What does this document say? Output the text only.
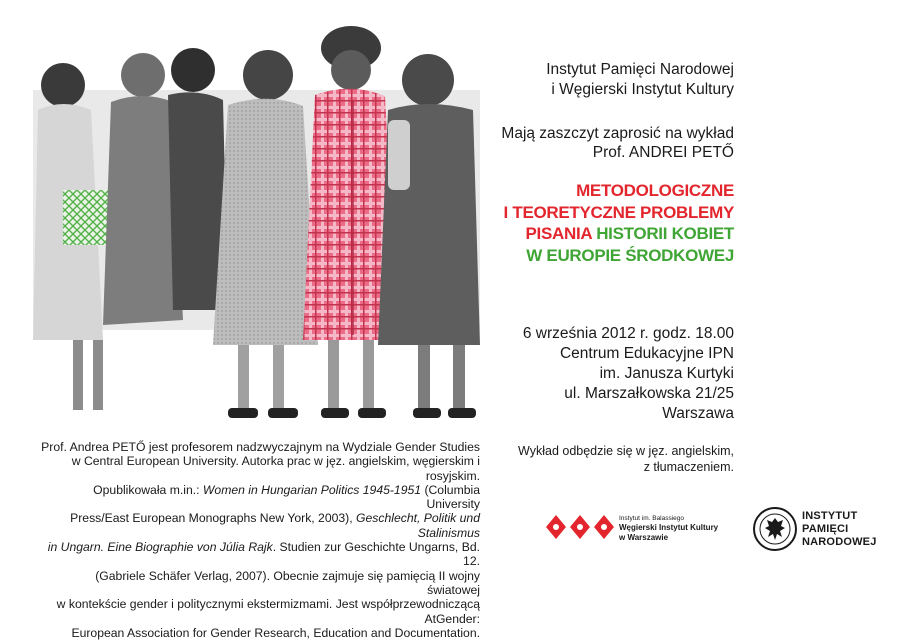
Instytut Pamięci Narodowej
i Węgierski Instytut Kultury
Mają zaszczyt zaprosić na wykład
Prof. ANDREI PETŐ
METODOLOGICZNE
I TEORETYCZNE PROBLEMY
PISANIA HISTORII KOBIET
W EUROPIE ŚRODKOWEJ
6 września 2012 r. godz. 18.00
Centrum Edukacyjne IPN
im. Janusza Kurtyki
ul. Marszałkowska 21/25
Warszawa
Wykład odbędzie się w jęz. angielskim,
z tłumaczeniem.
Prof. Andrea PETŐ jest profesorem nadzwyczajnym na Wydziale Gender Studies
w Central European University. Autorka prac w jęz. angielskim, węgierskim i rosyjskim.
Opublikowała m.in.: Women in Hungarian Politics 1945-1951 (Columbia University
Press/East European Monographs New York, 2003), Geschlecht, Politik und Stalinismus
in Ungarn. Eine Biographie von Júlia Rajk. Studien zur Geschichte Ungarns, Bd. 12.
(Gabriele Schäfer Verlag, 2007). Obecnie zajmuje się pamięcią II wojny światowej
w kontekście gender i politycznymi ekstermizmami. Jest współprzewodniczącą AtGender:
European Association for Gender Research, Education and Documentation.
Instytut im. Balassiego
Węgierski Instytut Kultury
w Warszawie
INSTYTUT
PAMIĘCI
NARODOWEJ
